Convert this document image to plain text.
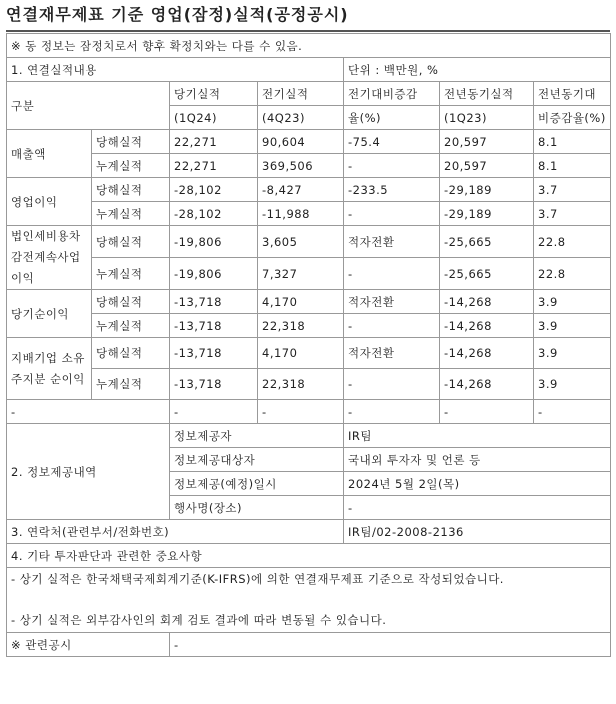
연결재무제표 기준 영업(잠정)실적(공정공시)
※ 동 정보는 잠정치로서 향후 확정치와는 다를 수 있음.						
1. 연결실적내용				단위 : 백만원, %		
구분		당기실적	전기실적	전기대비증감	전년동기실적	전년동기대
		(1Q24)	(4Q23)	율(%)	(1Q23)	비증감율(%)
매출액	당해실적	22,271	90,604	-75.4	20,597	8.1
	누계실적	22,271	369,506	-	20,597	8.1
영업이익	당해실적	-28,102	-8,427	-233.5	-29,189	3.7
	누계실적	-28,102	-11,988	-	-29,189	3.7
법인세비용차감전계속사업이익	당해실적	-19,806	3,605	적자전환	-25,665	22.8
	누계실적	-19,806	7,327	-	-25,665	22.8
당기순이익	당해실적	-13,718	4,170	적자전환	-14,268	3.9
	누계실적	-13,718	22,318	-	-14,268	3.9
지배기업 소유주지분 순이익	당해실적	-13,718	4,170	적자전환	-14,268	3.9
	누계실적	-13,718	22,318	-	-14,268	3.9
-		-	-	-	-	-
2. 정보제공내역		정보제공자		IR팀		
		정보제공대상자		국내외 투자자 및 언론 등		
		정보제공(예정)일시		2024년 5월 2일(목)		
		행사명(장소)		-		
3. 연락처(관련부서/전화번호)				IR팀/02-2008-2136		
4. 기타 투자판단과 관련한 중요사항						

- 상기 실적은 한국채택국제회계기준(K-IFRS)에 의한 연결재무제표 기준으로 작성되었습니다.
- 상기 실적은 외부감사인의 회계 검토 결과에 따라 변동될 수 있습니다.						

※ 관련공시		-				
